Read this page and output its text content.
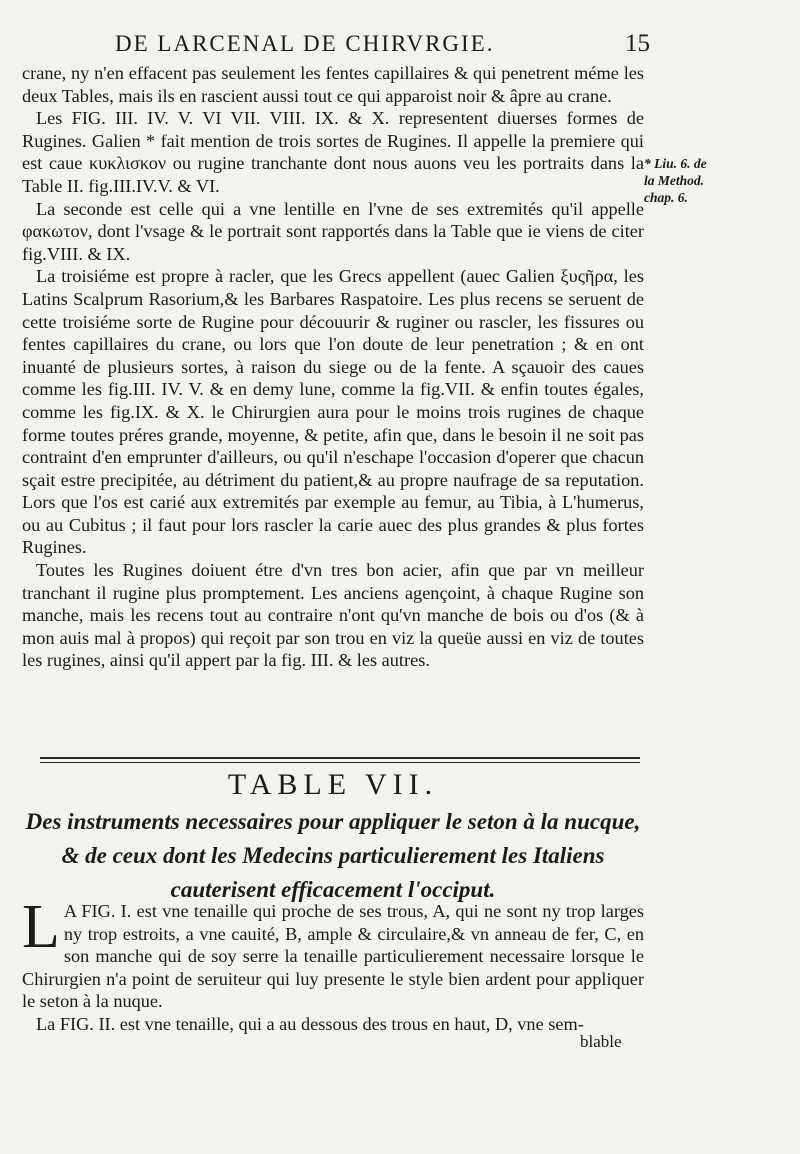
DE LARCENAL DE CHIRVRGIE.	15

crane, ny n'en effacent pas seulement les fentes capillaires & qui penetrent méme les deux Tables, mais ils en rascient aussi tout ce qui apparoist noir & âpre au crane.

Les FIG. III. IV. V. VI VII. VIII. IX. & X. representent diuerses formes de Rugines. Galien * fait mention de trois sortes de Rugines. Il appelle la premiere qui est caue κυκλισκον ou rugine tranchante dont nous auons veu les portraits dans la Table II. fig.III.IV.V. & VI.

La seconde est celle qui a vne lentille en l'vne de ses extremités qu'il appelle φακωτον, dont l'vsage & le portrait sont rapportés dans la Table que ie viens de citer fig.VIII. & IX.

La troisiéme est propre à racler, que les Grecs appellent (auec Galien ξυςῆρα, les Latins Scalprum Rasorium,& les Barbares Raspatoire. Les plus recens se seruent de cette troisiéme sorte de Rugine pour découurir & ruginer ou rascler, les fissures ou fentes capillaires du crane, ou lors que l'on doute de leur penetration ; & en ont inuanté de plusieurs sortes, à raison du siege ou de la fente. A sçauoir des caues comme les fig.III. IV. V. & en demy lune, comme la fig.VII. & enfin toutes égales, comme les fig.IX. & X. le Chirurgien aura pour le moins trois rugines de chaque forme toutes préres grande, moyenne, & petite, afin que, dans le besoin il ne soit pas contraint d'en emprunter d'ailleurs, ou qu'il n'eschape l'occasion d'operer que chacun sçait estre precipitée, au détriment du patient,& au propre naufrage de sa reputation. Lors que l'os est carié aux extremités par exemple au femur, au Tibia, à L'humerus, ou au Cubitus ; il faut pour lors rascler la carie auec des plus grandes & plus fortes Rugines.

Toutes les Rugines doiuent étre d'vn tres bon acier, afin que par vn meilleur tranchant il rugine plus promptement. Les anciens agençoint, à chaque Rugine son manche, mais les recens tout au contraire n'ont qu'vn manche de bois ou d'os (& à mon auis mal à propos) qui reçoit par son trou en viz la queüe aussi en viz de toutes les rugines, ainsi qu'il appert par la fig. III. & les autres.

* Liu. 6. de
la Method.
chap. 6.
TABLE VII.
Des instruments necessaires pour appliquer le seton à la nucque,
& de ceux dont les Medecins particulierement les Italiens
cauterisent efficacement l'occiput.

L A FIG. I. est vne tenaille qui proche de ses trous, A, qui ne sont ny trop larges ny trop estroits, a vne cauité, B, ample & circulaire,& vn anneau de fer, C, en son manche qui de soy serre la tenaille particulierement necessaire lorsque le Chirurgien n'a point de seruiteur qui luy presente le style bien ardent pour appliquer le seton à la nuque.

La FIG. II. est vne tenaille, qui a au dessous des trous en haut, D, vne sem-

blable
